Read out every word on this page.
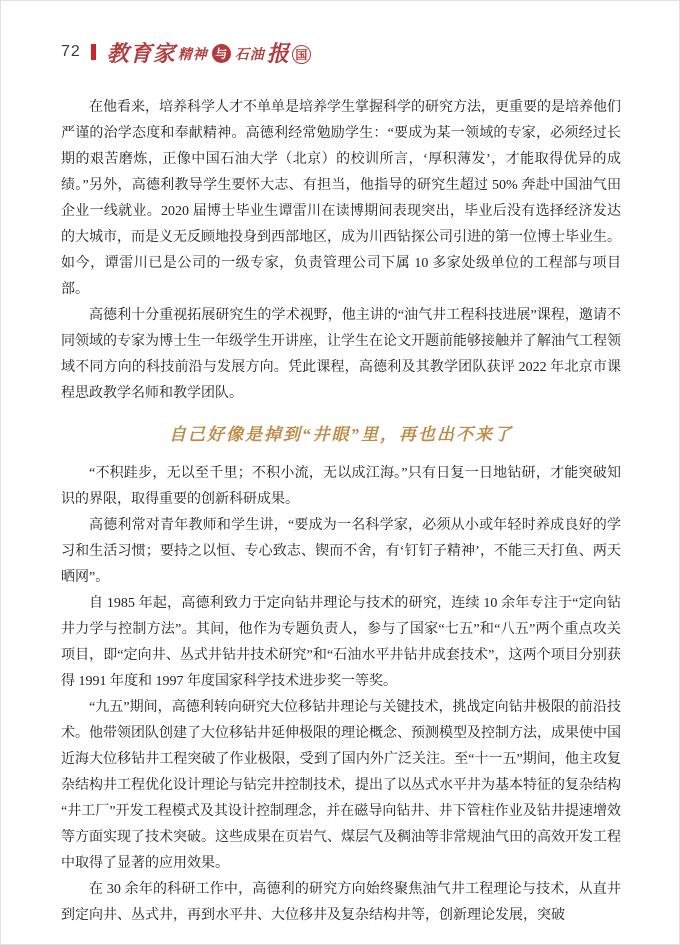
72 教育家 精神 与 石油 报 国

在他看来，培养科学人才不单单是培养学生掌握科学的研究方法，更重要的是培养他们严谨的治学态度和奉献精神。高德利经常勉励学生：“要成为某一领域的专家，必须经过长期的艰苦磨炼，正像中国石油大学（北京）的校训所言，‘厚积薄发’，才能取得优异的成绩。”另外，高德利教导学生要怀大志、有担当，他指导的研究生超过 50% 奔赴中国油气田企业一线就业。2020 届博士毕业生谭雷川在读博期间表现突出，毕业后没有选择经济发达的大城市，而是义无反顾地投身到西部地区，成为川西钻探公司引进的第一位博士毕业生。如今，谭雷川已是公司的一级专家，负责管理公司下属 10 多家处级单位的工程部与项目部。

高德利十分重视拓展研究生的学术视野，他主讲的“油气井工程科技进展”课程，邀请不同领域的专家为博士生一年级学生开讲座，让学生在论文开题前能够接触并了解油气工程领域不同方向的科技前沿与发展方向。凭此课程，高德利及其教学团队获评 2022 年北京市课程思政教学名师和教学团队。

自己好像是掉到“井眼”里，再也出不来了

“不积跬步，无以至千里；不积小流，无以成江海。”只有日复一日地钻研，才能突破知识的界限，取得重要的创新科研成果。

高德利常对青年教师和学生讲，“要成为一名科学家，必须从小或年轻时养成良好的学习和生活习惯；要持之以恒、专心致志、锲而不舍，有‘钉钉子精神’，不能三天打鱼、两天晒网”。

自 1985 年起，高德利致力于定向钻井理论与技术的研究，连续 10 余年专注于“定向钻井力学与控制方法”。其间，他作为专题负责人，参与了国家“七五”和“八五”两个重点攻关项目，即“定向井、丛式井钻井技术研究”和“石油水平井钻井成套技术”，这两个项目分别获得 1991 年度和 1997 年度国家科学技术进步奖一等奖。

“九五”期间，高德利转向研究大位移钻井理论与关键技术，挑战定向钻井极限的前沿技术。他带领团队创建了大位移钻井延伸极限的理论概念、预测模型及控制方法，成果使中国近海大位移钻井工程突破了作业极限，受到了国内外广泛关注。至“十一五”期间，他主攻复杂结构井工程优化设计理论与钻完井控制技术，提出了以丛式水平井为基本特征的复杂结构“井工厂”开发工程模式及其设计控制理念，并在磁导向钻井、井下管柱作业及钻井提速增效等方面实现了技术突破。这些成果在页岩气、煤层气及稠油等非常规油气田的高效开发工程中取得了显著的应用效果。

在 30 余年的科研工作中，高德利的研究方向始终聚焦油气井工程理论与技术，从直井到定向井、丛式井，再到水平井、大位移井及复杂结构井等，创新理论发展，突破
